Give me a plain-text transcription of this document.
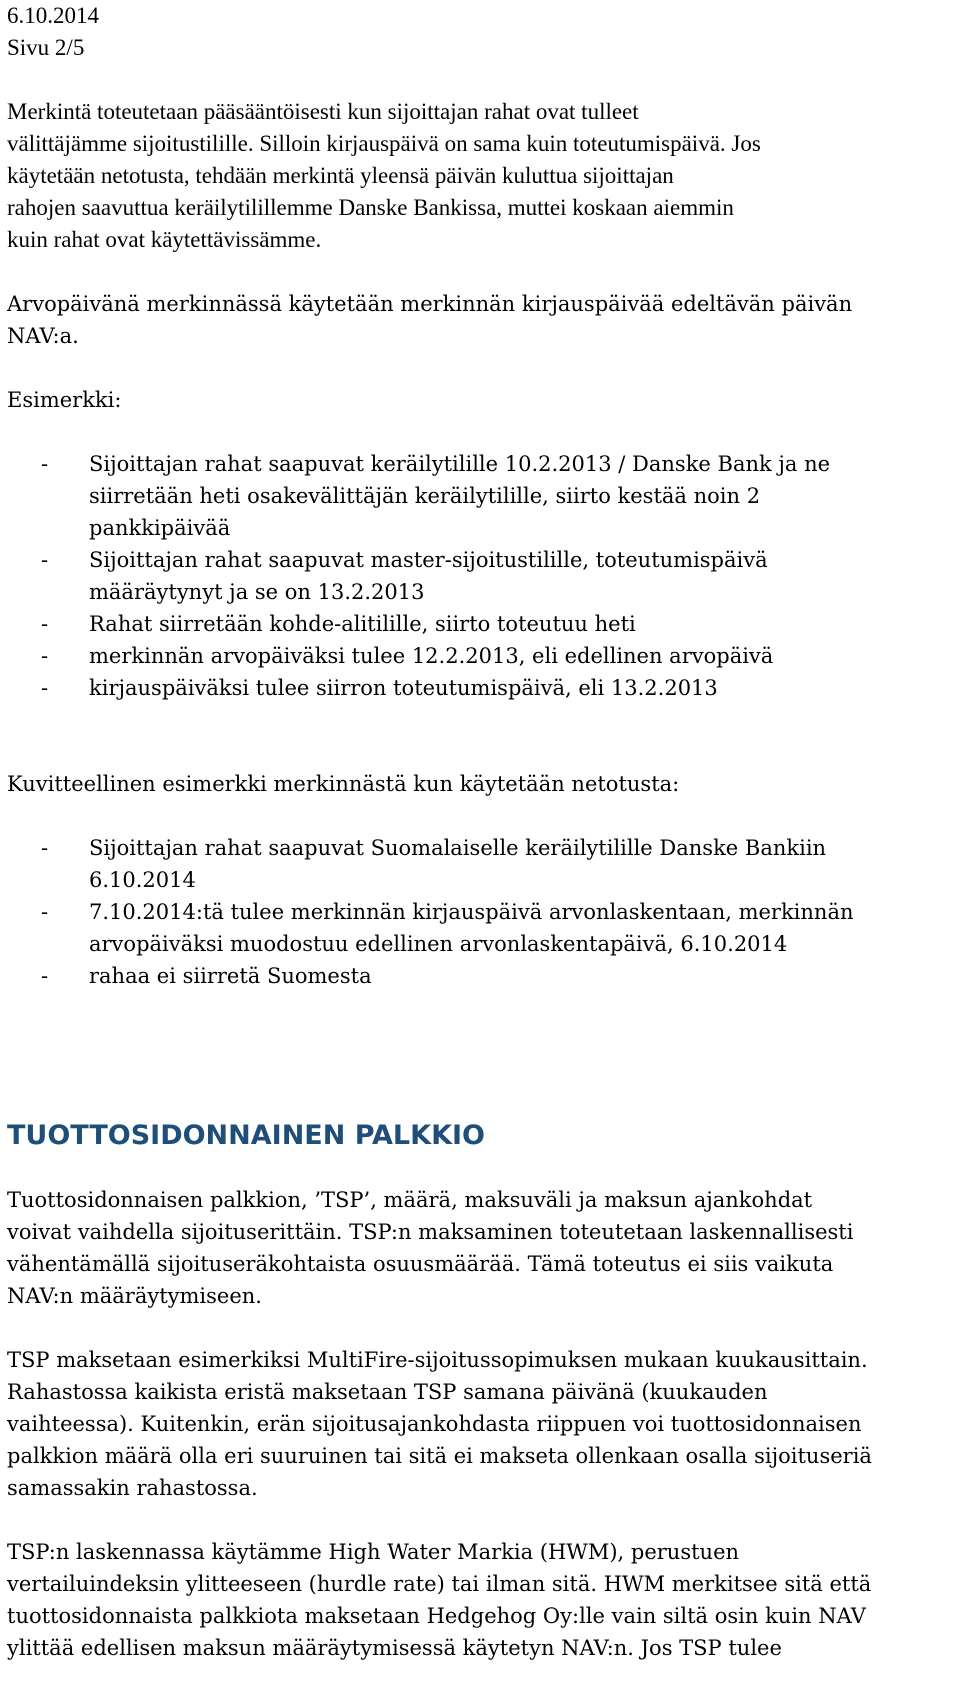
6.10.2014
Sivu 2/5
Merkintä toteutetaan pääsääntöisesti kun sijoittajan rahat ovat tulleet
välittäjämme sijoitustilille. Silloin kirjauspäivä on sama kuin toteutumispäivä. Jos
käytetään netotusta, tehdään merkintä yleensä päivän kuluttua sijoittajan
rahojen saavuttua keräilytilillemme Danske Bankissa, muttei koskaan aiemmin
kuin rahat ovat käytettävissämme.
Arvopäivänä merkinnässä käytetään merkinnän kirjauspäivää edeltävän päivän
NAV:a.
Esimerkki:
- Sijoittajan rahat saapuvat keräilytilille 10.2.2013 / Danske Bank ja ne
siirretään heti osakevälittäjän keräilytilille, siirto kestää noin 2
pankkipäivää
- Sijoittajan rahat saapuvat master-sijoitustilille, toteutumispäivä
määräytynyt ja se on 13.2.2013
- Rahat siirretään kohde-alitilille, siirto toteutuu heti
- merkinnän arvopäiväksi tulee 12.2.2013, eli edellinen arvopäivä
- kirjauspäiväksi tulee siirron toteutumispäivä, eli 13.2.2013
Kuvitteellinen esimerkki merkinnästä kun käytetään netotusta:
- Sijoittajan rahat saapuvat Suomalaiselle keräilytilille Danske Bankiin
6.10.2014
- 7.10.2014:tä tulee merkinnän kirjauspäivä arvonlaskentaan, merkinnän
arvopäiväksi muodostuu edellinen arvonlaskentapäivä, 6.10.2014
- rahaa ei siirretä Suomesta
TUOTTOSIDONNAINEN PALKKIO
Tuottosidonnaisen palkkion, ’TSP’, määrä, maksuväli ja maksun ajankohdat
voivat vaihdella sijoituserittäin. TSP:n maksaminen toteutetaan laskennallisesti
vähentämällä sijoituseräkohtaista osuusmäärää. Tämä toteutus ei siis vaikuta
NAV:n määräytymiseen.
TSP maksetaan esimerkiksi MultiFire-sijoitussopimuksen mukaan kuukausittain.
Rahastossa kaikista eristä maksetaan TSP samana päivänä (kuukauden
vaihteessa). Kuitenkin, erän sijoitusajankohdasta riippuen voi tuottosidonnaisen
palkkion määrä olla eri suuruinen tai sitä ei makseta ollenkaan osalla sijoituseriä
samassakin rahastossa.
TSP:n laskennassa käytämme High Water Markia (HWM), perustuen
vertailuindeksin ylitteeseen (hurdle rate) tai ilman sitä. HWM merkitsee sitä että
tuottosidonnaista palkkiota maksetaan Hedgehog Oy:lle vain siltä osin kuin NAV
ylittää edellisen maksun määräytymisessä käytetyn NAV:n. Jos TSP tulee
